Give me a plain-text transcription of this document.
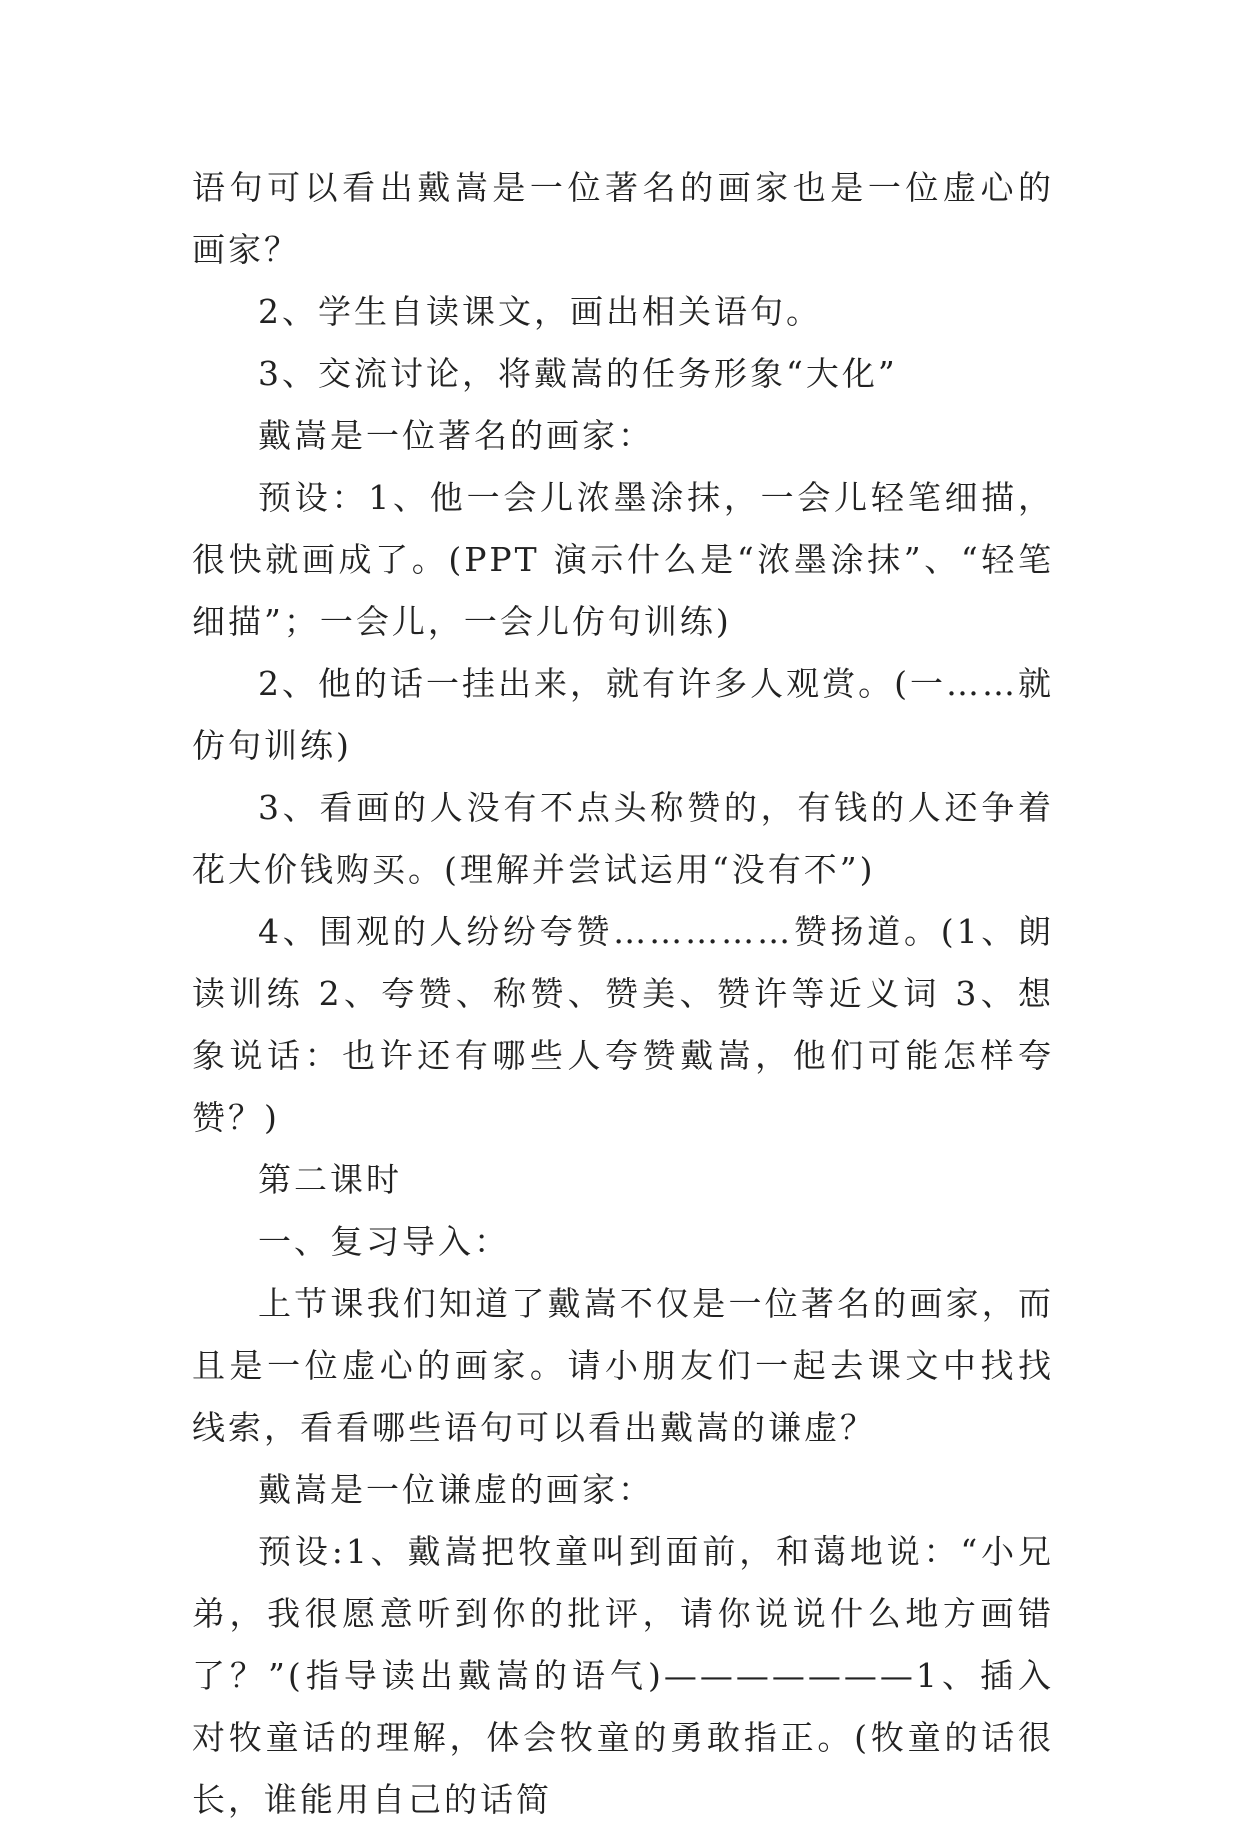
语句可以看出戴嵩是一位著名的画家也是一位虚心的画家？

2、学生自读课文，画出相关语句。

3、交流讨论，将戴嵩的任务形象“大化”

戴嵩是一位著名的画家：

预设：1、他一会儿浓墨涂抹，一会儿轻笔细描，很快就画成了。(PPT 演示什么是“浓墨涂抹”、“轻笔细描”；一会儿，一会儿仿句训练)

2、他的话一挂出来，就有许多人观赏。(一……就仿句训练)

3、看画的人没有不点头称赞的，有钱的人还争着花大价钱购买。(理解并尝试运用“没有不”)

4、围观的人纷纷夸赞……………赞扬道。(1、朗读训练 2、夸赞、称赞、赞美、赞许等近义词 3、想象说话：也许还有哪些人夸赞戴嵩，他们可能怎样夸赞？)

第二课时

一、复习导入：

上节课我们知道了戴嵩不仅是一位著名的画家，而且是一位虚心的画家。请小朋友们一起去课文中找找线索，看看哪些语句可以看出戴嵩的谦虚？

戴嵩是一位谦虚的画家：

预设:1、戴嵩把牧童叫到面前，和蔼地说：“小兄弟，我很愿意听到你的批评，请你说说什么地方画错了？”(指导读出戴嵩的语气)———————1、插入对牧童话的理解，体会牧童的勇敢指正。(牧童的话很长，谁能用自己的话简
